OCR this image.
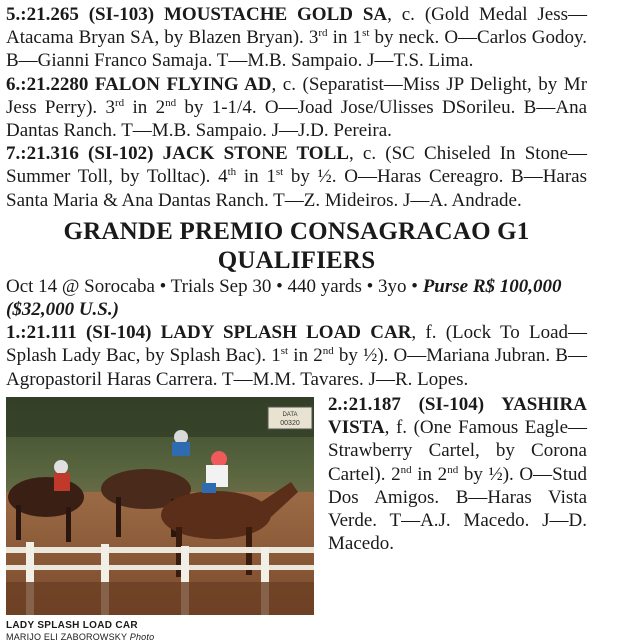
5.:21.265 (SI-103) MOUSTACHE GOLD SA, c. (Gold Medal Jess—Atacama Bryan SA, by Blazen Bryan). 3rd in 1st by neck. O—Carlos Godoy. B—Gianni Franco Samaja. T—M.B. Sampaio. J—T.S. Lima.

6.:21.2280 FALON FLYING AD, c. (Separatist—Miss JP Delight, by Mr Jess Perry). 3rd in 2nd by 1-1/4. O—Joad Jose/Ulisses DSorileu. B—Ana Dantas Ranch. T—M.B. Sampaio. J—J.D. Pereira.

7.:21.316 (SI-102) JACK STONE TOLL, c. (SC Chiseled In Stone—Summer Toll, by Tolltac). 4th in 1st by ½. O—Haras Cereagro. B—Haras Santa Maria & Ana Dantas Ranch. T—Z. Mideiros. J—A. Andrade.

GRANDE PREMIO CONSAGRACAO G1
QUALIFIERS

Oct 14 @ Sorocaba • Trials Sep 30 • 440 yards • 3yo • Purse R$ 100,000 ($32,000 U.S.)

1.:21.111 (SI-104) LADY SPLASH LOAD CAR, f. (Lock To Load—Splash Lady Bac, by Splash Bac). 1st in 2nd by ½). O—Mariana Jubran. B—Agropastoril Haras Carrera. T—M.M. Tavares. J—R. Lopes.

DATA
00320
LADY SPLASH LOAD CAR
MARIJO ELI ZABOROWSKY Photo

2.:21.187 (SI-104) YASHIRA VISTA, f. (One Famous Eagle—Strawberry Cartel, by Corona Cartel). 2nd in 2nd by ½). O—Stud Dos Amigos. B—Haras Vista Verde. T—A.J. Macedo. J—D. Macedo.
